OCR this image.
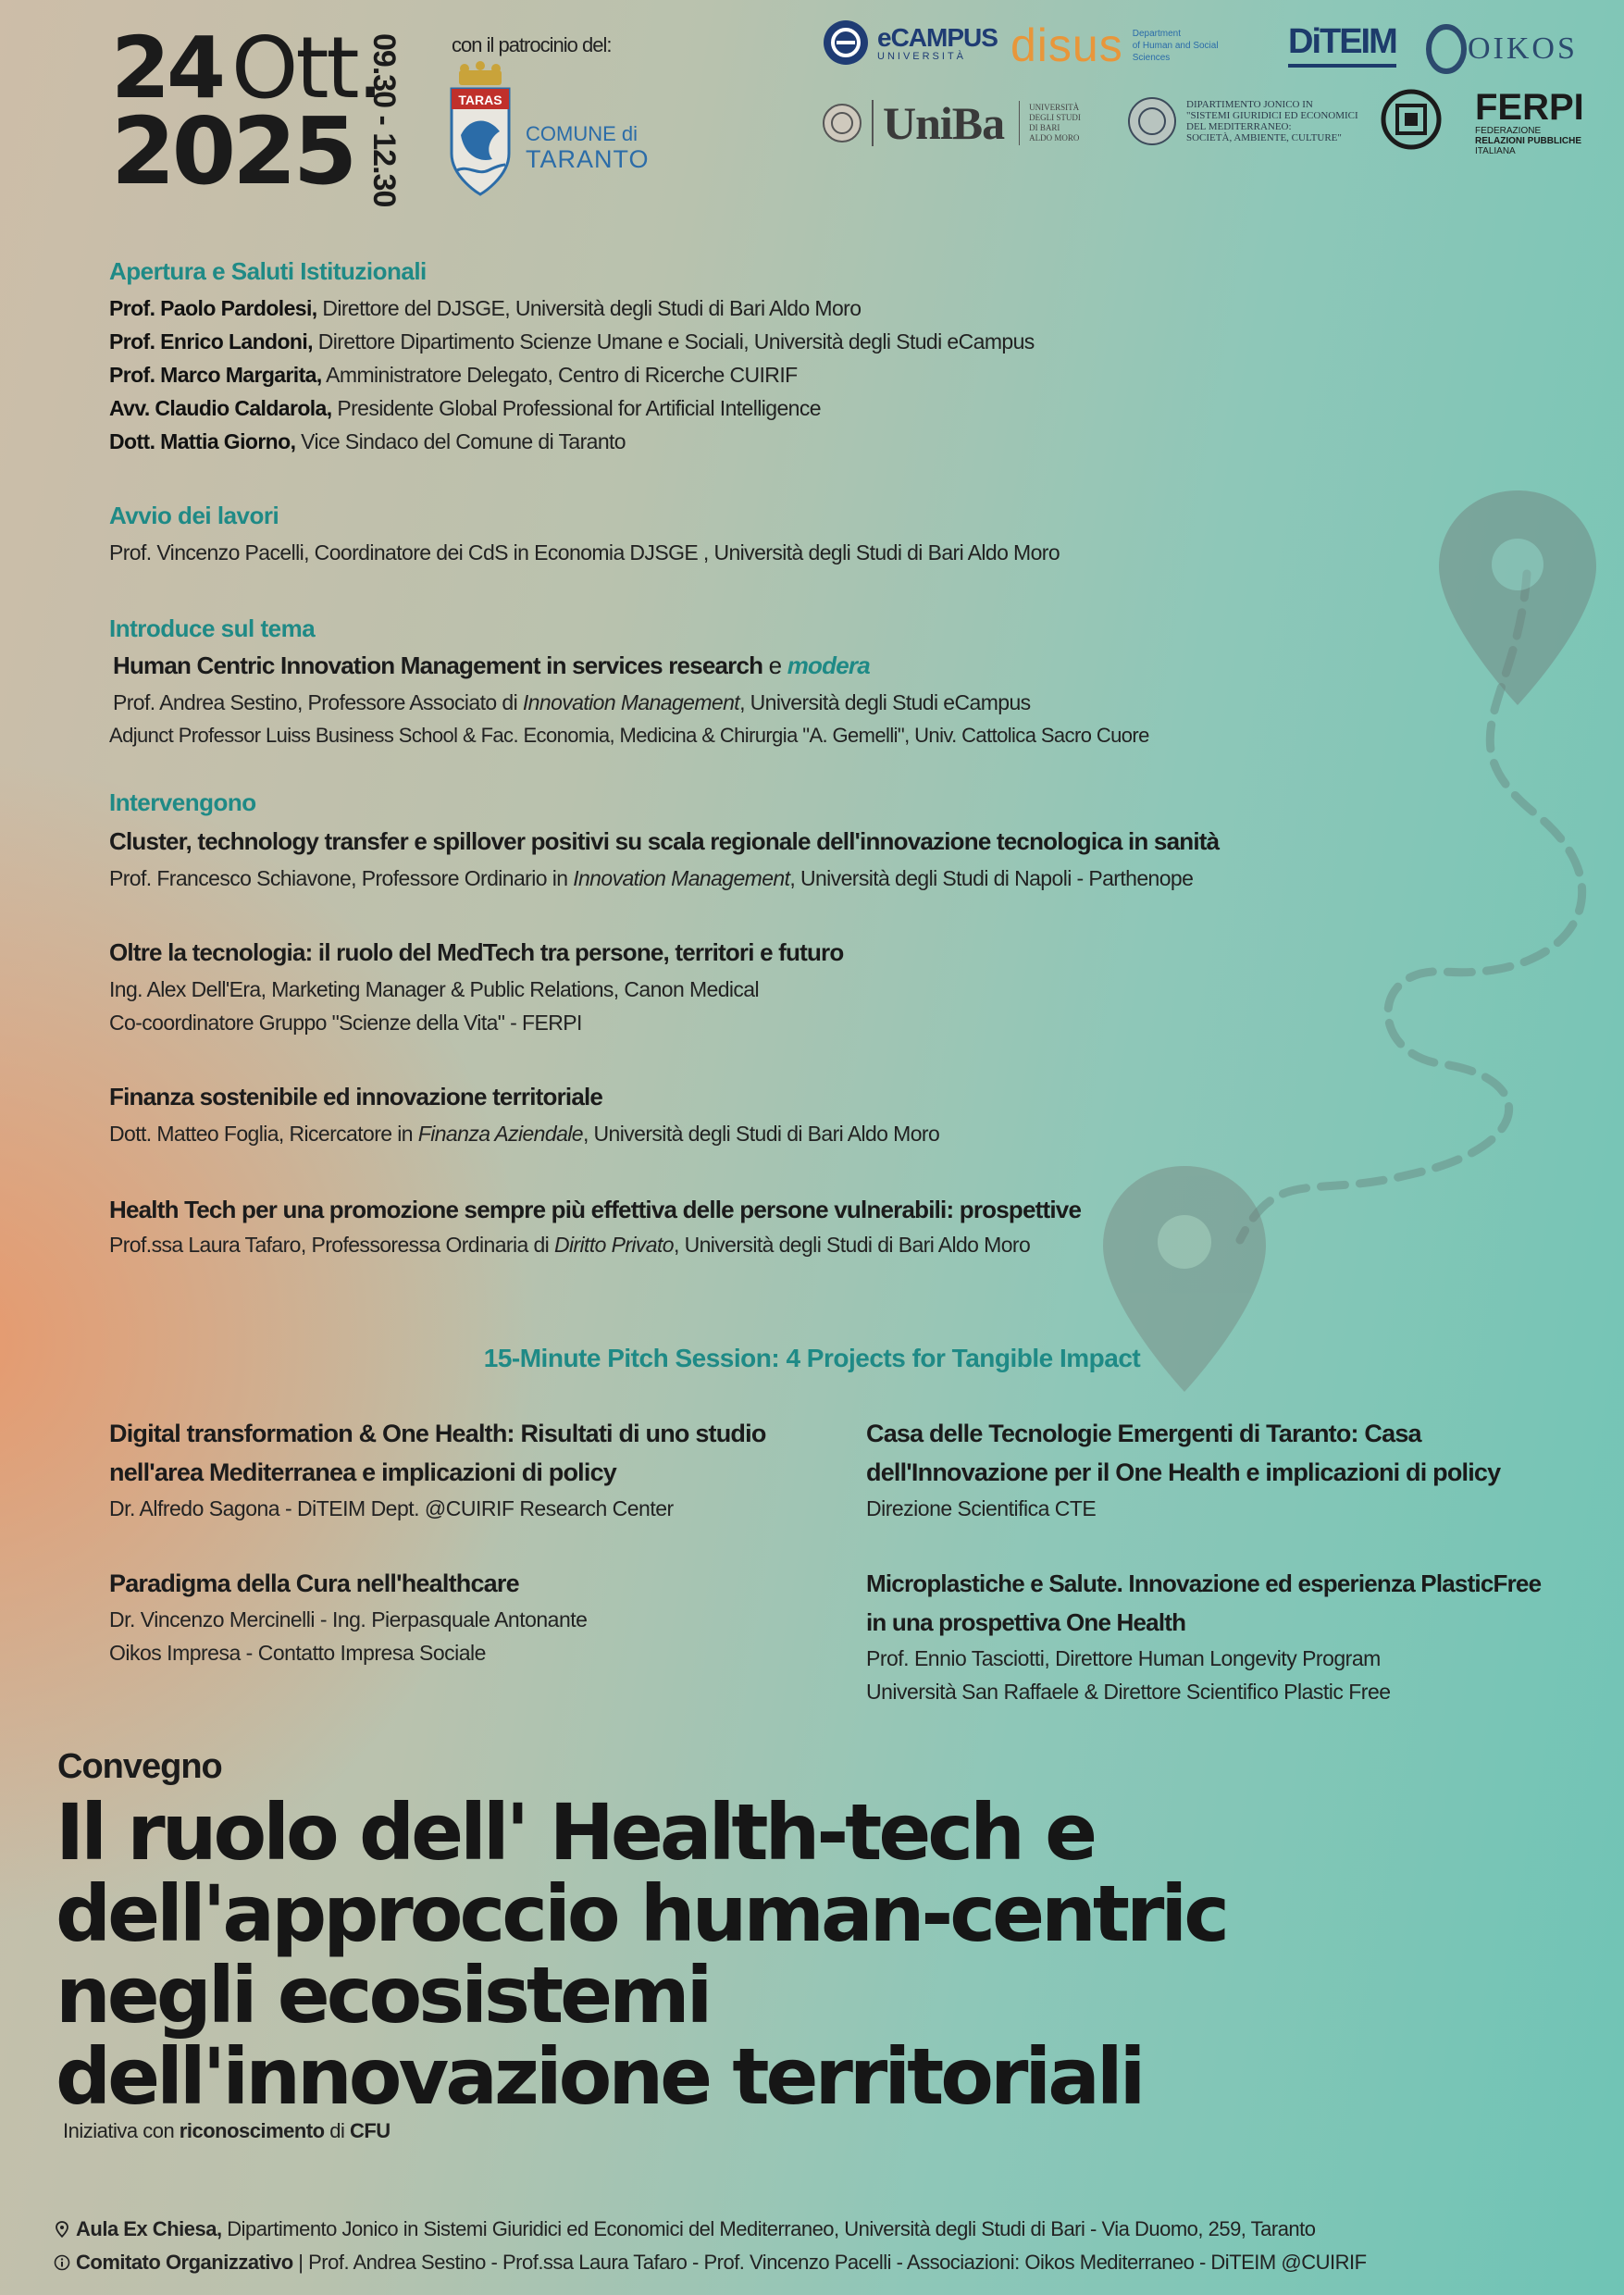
24 Ott.
2025 09.30 - 12.30 con il patrocinio del:
TARAS
COMUNE di
TARANTO
eCAMPUS
UNIVERSITÀ disus Department
of Human and Social
Sciences	DiTEIM OIKOS
UniBa	UNIVERSITÀ
DEGLI STUDI
DI BARI
ALDO MORO
DIPARTIMENTO JONICO IN
"SISTEMI GIURIDICI ED ECONOMICI
DEL MEDITERRANEO:
SOCIETÀ, AMBIENTE, CULTURE"
FERPI
FEDERAZIONE
RELAZIONI PUBBLICHE
ITALIANA
Apertura e Saluti Istituzionali
Prof. Paolo Pardolesi, Direttore del DJSGE, Università degli Studi di Bari Aldo Moro
Prof. Enrico Landoni, Direttore Dipartimento Scienze Umane e Sociali, Università degli Studi eCampus
Prof. Marco Margarita, Amministratore Delegato, Centro di Ricerche CUIRIF
Avv. Claudio Caldarola, Presidente Global Professional for Artificial Intelligence
Dott. Mattia Giorno, Vice Sindaco del Comune di Taranto
Avvio dei lavori
Prof. Vincenzo Pacelli, Coordinatore dei CdS in Economia DJSGE , Università degli Studi di Bari Aldo Moro
Introduce sul tema
Human Centric Innovation Management in services research e modera
Prof. Andrea Sestino, Professore Associato di Innovation Management, Università degli Studi eCampus
Adjunct Professor Luiss Business School & Fac. Economia, Medicina & Chirurgia "A. Gemelli", Univ. Cattolica Sacro Cuore
Intervengono
Cluster, technology transfer e spillover positivi su scala regionale dell'innovazione tecnologica in sanità
Prof. Francesco Schiavone, Professore Ordinario in Innovation Management, Università degli Studi di Napoli - Parthenope
Oltre la tecnologia: il ruolo del MedTech tra persone, territori e futuro
Ing. Alex Dell'Era, Marketing Manager & Public Relations, Canon Medical
Co-coordinatore Gruppo "Scienze della Vita" - FERPI
Finanza sostenibile ed innovazione territoriale
Dott. Matteo Foglia, Ricercatore in Finanza Aziendale, Università degli Studi di Bari Aldo Moro
Health Tech per una promozione sempre più effettiva delle persone vulnerabili: prospettive
Prof.ssa Laura Tafaro, Professoressa Ordinaria di Diritto Privato, Università degli Studi di Bari Aldo Moro
15-Minute Pitch Session: 4 Projects for Tangible Impact
Digital transformation & One Health: Risultati di uno studio
nell'area Mediterranea e implicazioni di policy
Dr. Alfredo Sagona - DiTEIM Dept. @CUIRIF Research Center
Casa delle Tecnologie Emergenti di Taranto: Casa
dell'Innovazione per il One Health e implicazioni di policy
Direzione Scientifica CTE
Paradigma della Cura nell'healthcare
Dr. Vincenzo Mercinelli - Ing. Pierpasquale Antonante
Oikos Impresa - Contatto Impresa Sociale
Microplastiche e Salute. Innovazione ed esperienza PlasticFree
in una prospettiva One Health
Prof. Ennio Tasciotti, Direttore Human Longevity Program
Università San Raffaele & Direttore Scientifico Plastic Free
Convegno
Il ruolo dell' Health-tech e
dell'approccio human-centric
negli ecosistemi
dell'innovazione territoriali
Iniziativa con riconoscimento di CFU
Aula Ex Chiesa, Dipartimento Jonico in Sistemi Giuridici ed Economici del Mediterraneo, Università degli Studi di Bari - Via Duomo, 259, Taranto
Comitato Organizzativo | Prof. Andrea Sestino - Prof.ssa Laura Tafaro - Prof. Vincenzo Pacelli - Associazioni: Oikos Mediterraneo - DiTEIM @CUIRIF
